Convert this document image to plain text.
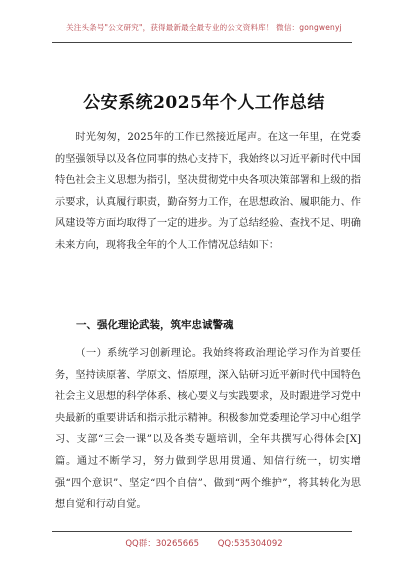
关注头条号"公文研究"，获得最新最全最专业的公文资料库！ 微信：gongwenyj
公安系统2025年个人工作总结

时光匆匆，2025年的工作已然接近尾声。在这一年里，在党委的坚强领导以及各位同事的热心支持下，我始终以习近平新时代中国特色社会主义思想为指引，坚决贯彻党中央各项决策部署和上级的指示要求，认真履行职责，勤奋努力工作，在思想政治、履职能力、作风建设等方面均取得了一定的进步。为了总结经验、查找不足、明确未来方向，现将我全年的个人工作情况总结如下：

一、强化理论武装，筑牢忠诚警魂

（一）系统学习创新理论。我始终将政治理论学习作为首要任务，坚持读原著、学原文、悟原理，深入钻研习近平新时代中国特色社会主义思想的科学体系、核心要义与实践要求，及时跟进学习党中央最新的重要讲话和指示批示精神。积极参加党委理论学习中心组学习、支部“三会一课”以及各类专题培训，全年共撰写心得体会[X]篇。通过不断学习，努力做到学思用贯通、知信行统一，切实增强“四个意识”、坚定“四个自信”、做到“两个维护”，将其转化为思想自觉和行动自觉。

QQ群：30265665 QQ:535304092
